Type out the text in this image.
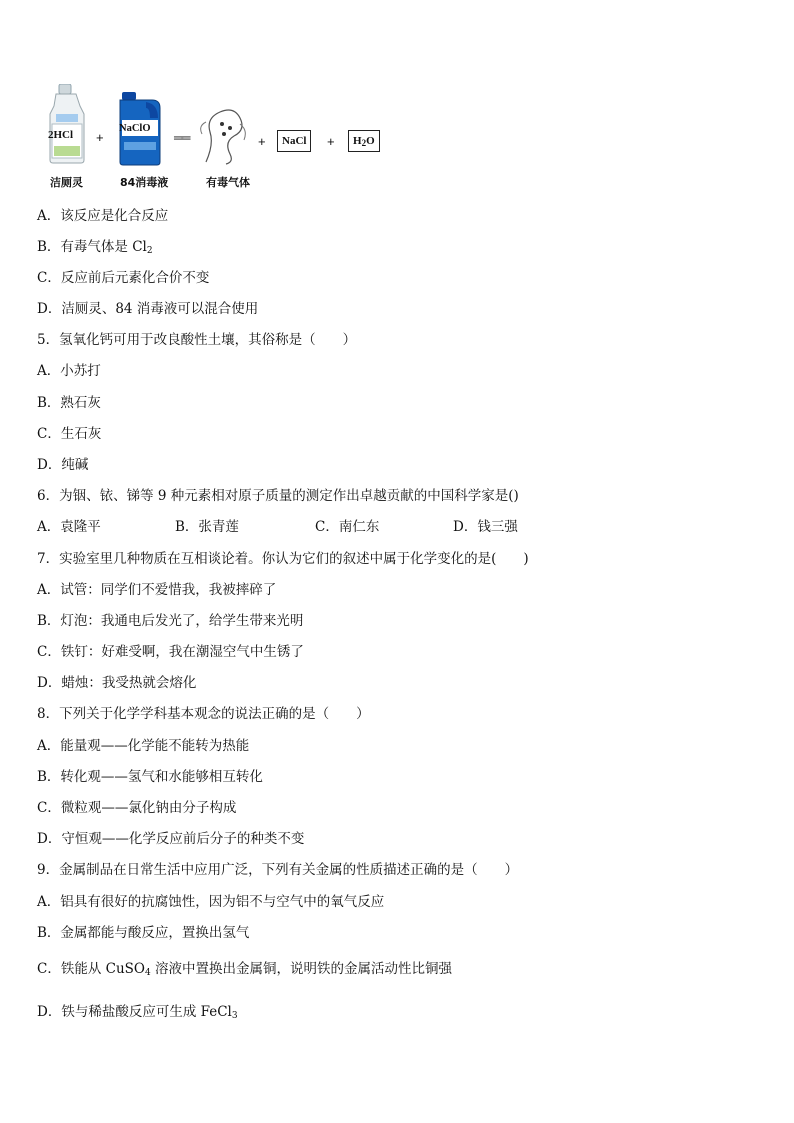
2HCl
洁厕灵
+
NaClO
84消毒液
══
有毒气体
+	NaCl	+	$H_2O$
A．该反应是化合反应
B．有毒气体是 $Cl_2$
C．反应前后元素化合价不变
D．洁厕灵、84 消毒液可以混合使用
5．氢氧化钙可用于改良酸性土壤，其俗称是（　　）
A．小苏打
B．熟石灰
C．生石灰
D．纯碱
6．为铟、铱、锑等 9 种元素相对原子质量的测定作出卓越贡献的中国科学家是()
A．袁隆平	B．张青莲	C．南仁东	D．钱三强
7．实验室里几种物质在互相谈论着。你认为它们的叙述中属于化学变化的是(　　)
A．试管：同学们不爱惜我，我被摔碎了
B．灯泡：我通电后发光了，给学生带来光明
C．铁钉：好难受啊，我在潮湿空气中生锈了
D．蜡烛：我受热就会熔化
8．下列关于化学学科基本观念的说法正确的是（　　）
A．能量观——化学能不能转为热能
B．转化观——氢气和水能够相互转化
C．微粒观——氯化钠由分子构成
D．守恒观——化学反应前后分子的种类不变
9．金属制品在日常生活中应用广泛，下列有关金属的性质描述正确的是（　　）
A．铝具有很好的抗腐蚀性，因为铝不与空气中的氧气反应
B．金属都能与酸反应，置换出氢气
C．铁能从 CuSO$_4$ 溶液中置换出金属铜，说明铁的金属活动性比铜强
D．铁与稀盐酸反应可生成 FeCl$_3$
